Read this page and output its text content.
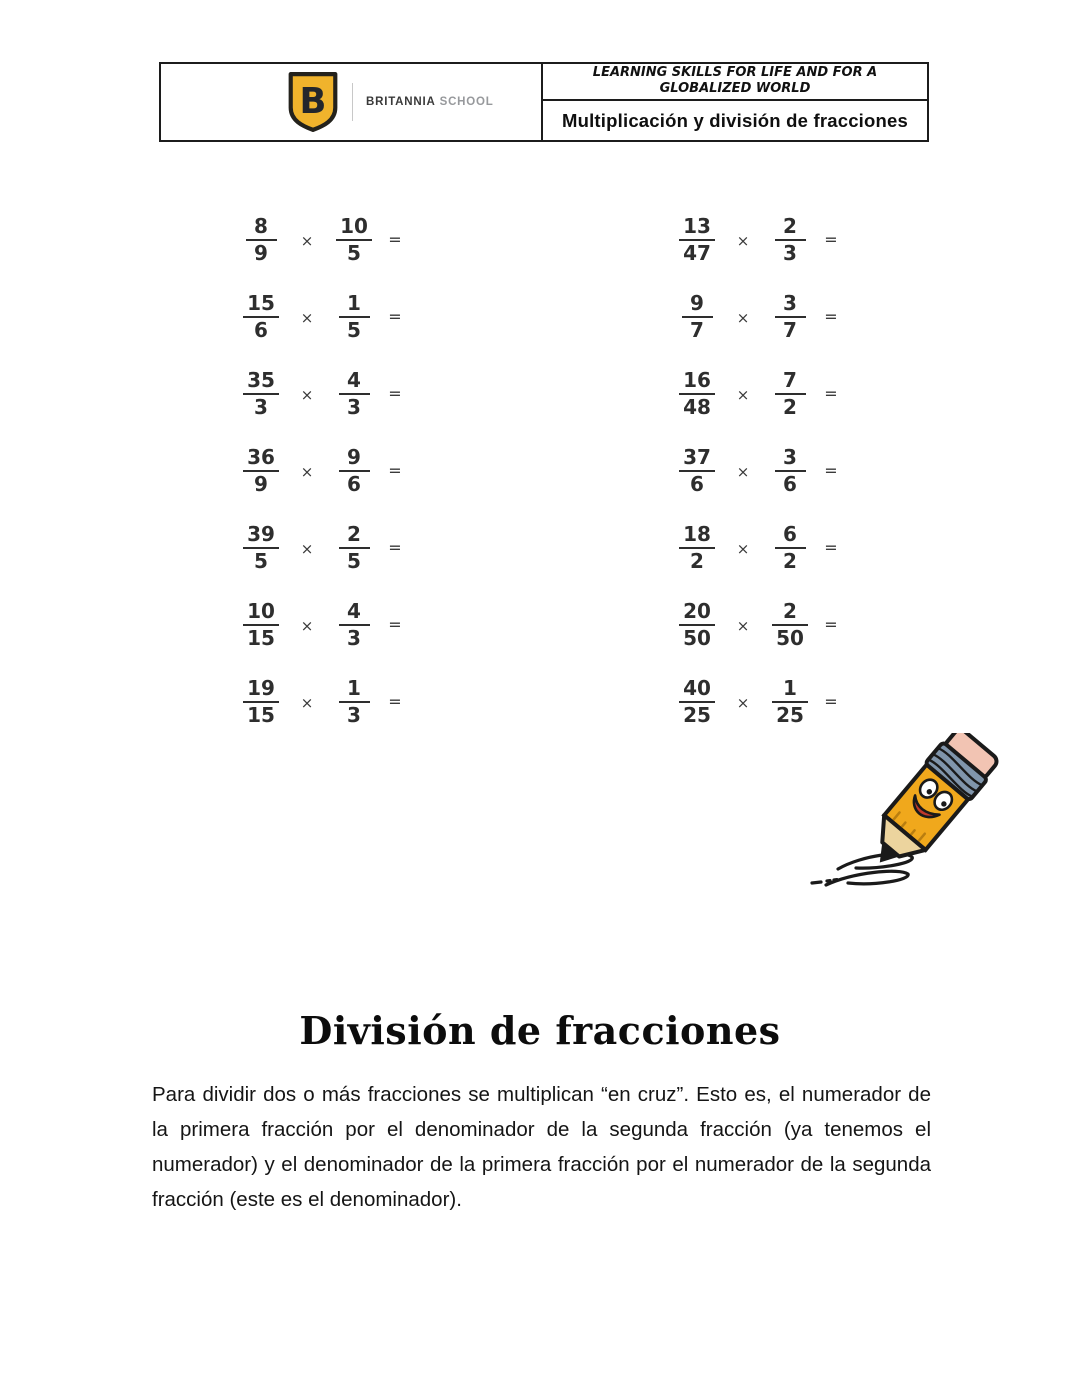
B	BRITANNIA SCHOOL
LEARNING SKILLS FOR LIFE AND FOR A GLOBALIZED WORLD
Multiplicación y división de fracciones
$\frac{8}{9}$	×	$\frac{10}{5}$ =
$\frac{15}{6}$	×	$\frac{1}{5}$ =
$\frac{35}{3}$	×	$\frac{4}{3}$ =
$\frac{36}{9}$	×	$\frac{9}{6}$ =
$\frac{39}{5}$	×	$\frac{2}{5}$ =
$\frac{10}{15}$	×	$\frac{4}{3}$ =
$\frac{19}{15}$	×	$\frac{1}{3}$ =
$\frac{13}{47}$	×	$\frac{2}{3}$ =
$\frac{9}{7}$	×	$\frac{3}{7}$ =
$\frac{16}{48}$	×	$\frac{7}{2}$ =
$\frac{37}{6}$	×	$\frac{3}{6}$ =
$\frac{18}{2}$	×	$\frac{6}{2}$ =
$\frac{20}{50}$	×	$\frac{2}{50}$ =
$\frac{40}{25}$	×	$\frac{1}{25}$ =
División de fracciones

Para dividir dos o más fracciones se multiplican “en cruz”. Esto es, el numerador de la primera fracción por el denominador de la segunda fracción (ya tenemos el numerador) y el denominador de la primera fracción por el numerador de la segunda fracción (este es el denominador).
